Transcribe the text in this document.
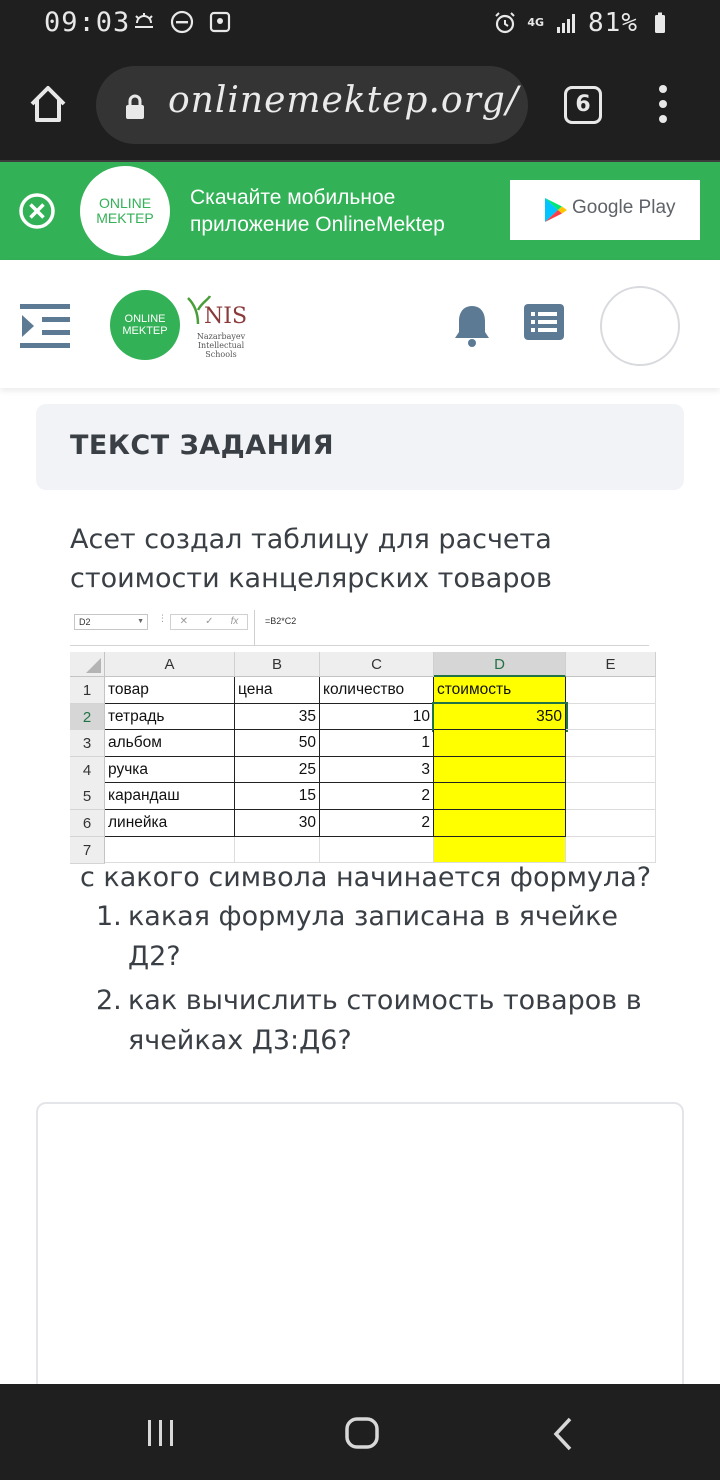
09:03	4G 81%
onlinemektep.org/	6
ONLINE
MEKTEP
Скачайте мобильное
приложение OnlineMektep
Google Play
ONLINE
MEKTEP
NIS
Nazarbayev Intellectual Schools
ТЕКСТ ЗАДАНИЯ
Асет создал таблицу для расчета стоимости канцелярских товаров
D2	▼ ⋮ ✕ ✓ fx	=B2*C2
A	B	C	D	E
1	товар	цена	количество	стоимость
2	тетрадь	35	10	350
3	альбом	50	1
4	ручка	25	3
5	карандаш	15	2
6	линейка	30	2
7
с какого символа начинается формула?
1. какая формула записана в ячейке Д2?
2. как вычислить стоимость товаров в ячейках Д3:Д6?
